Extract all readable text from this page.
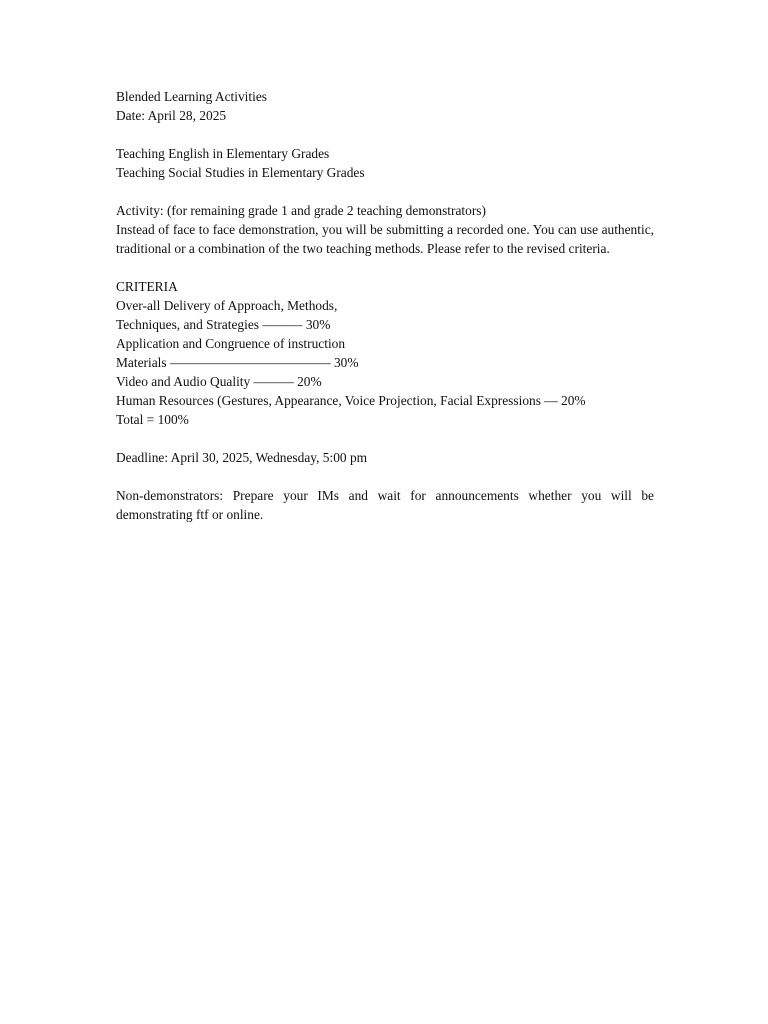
Blended Learning Activities
Date: April 28, 2025
Teaching English in Elementary Grades
Teaching Social Studies in Elementary Grades
Activity: (for remaining grade 1 and grade 2 teaching demonstrators)
Instead of face to face demonstration, you will be submitting a recorded one. You can use authentic, traditional or a combination of the two teaching methods. Please refer to the revised criteria.
CRITERIA
Over-all Delivery of Approach, Methods,
Techniques, and Strategies ——— 30%
Application and Congruence of instruction
Materials ———————————— 30%
Video and Audio Quality ——— 20%
Human Resources (Gestures, Appearance, Voice Projection, Facial Expressions — 20%
Total = 100%
Deadline: April 30, 2025, Wednesday, 5:00 pm
Non-demonstrators: Prepare your IMs and wait for announcements whether you will be demonstrating ftf or online.
